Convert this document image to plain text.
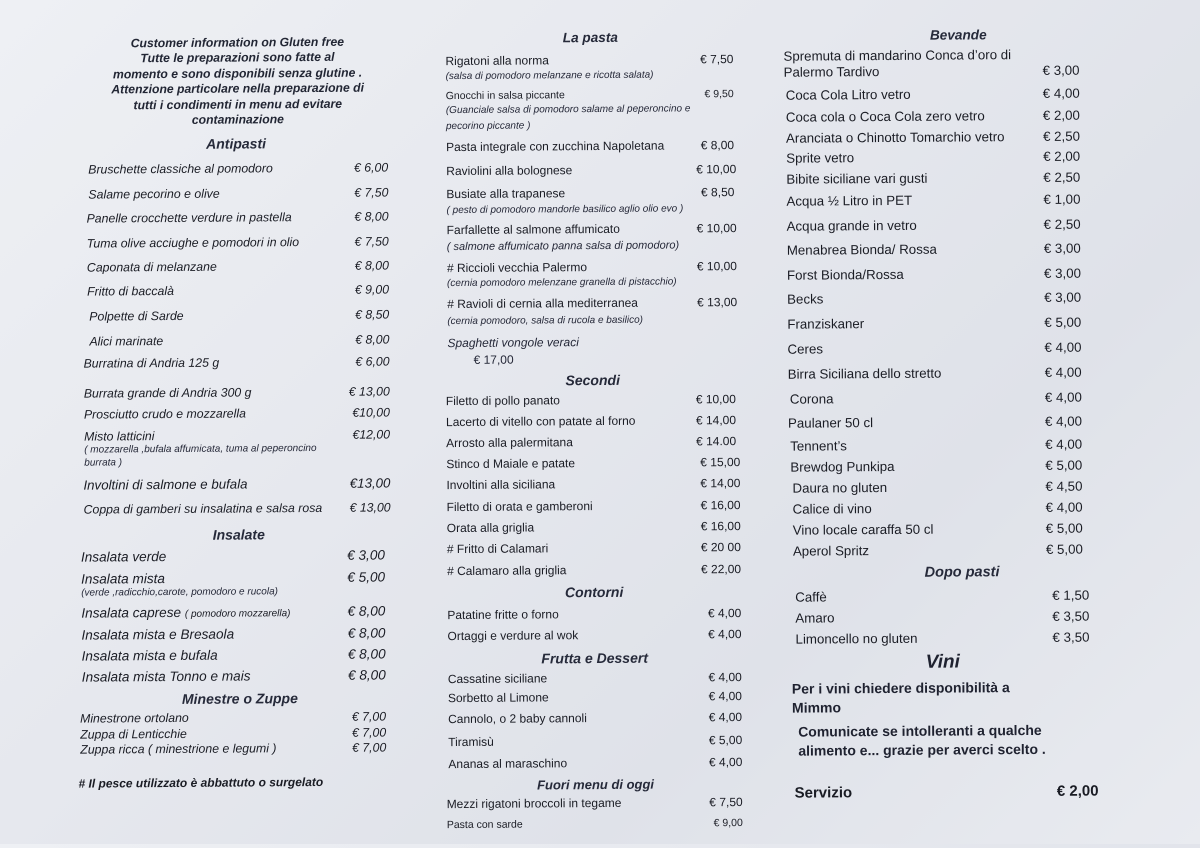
Customer information on Gluten free
Tutte le preparazioni sono fatte al
momento e sono disponibili senza glutine .
Attenzione particolare nella preparazione di
tutti i condimenti in menu ad evitare
contaminazione
Antipasti
Bruschette classiche al pomodoro	€ 6,00
Salame pecorino e olive	€ 7,50
Panelle crocchette verdure in pastella	€ 8,00
Tuma olive acciughe e pomodori in olio	€ 7,50
Caponata di melanzane	€ 8,00
Fritto di baccalà	€ 9,00
Polpette di Sarde	€ 8,50
Alici marinate	€ 8,00
Burratina di Andria 125 g	€ 6,00
Burrata grande di Andria 300 g	€ 13,00
Prosciutto crudo e mozzarella	€10,00
Misto latticini	€12,00
( mozzarella ,bufala affumicata, tuma al peperoncino
burrata )
Involtini di salmone e bufala	€13,00
Coppa di gamberi su insalatina e salsa rosa € 13,00
Insalate
Insalata verde	€ 3,00
Insalata mista	€ 5,00
(verde ,radicchio,carote, pomodoro e rucola)
Insalata caprese ( pomodoro mozzarella)	€ 8,00
Insalata mista e Bresaola	€ 8,00
Insalata mista e bufala	€ 8,00
Insalata mista Tonno e mais	€ 8,00
Minestre o Zuppe
Minestrone ortolano	€ 7,00
Zuppa di Lenticchie	€ 7,00
Zuppa ricca ( minestrione e legumi )	€ 7,00
# Il pesce utilizzato è abbattuto o surgelato
La pasta
Rigatoni alla norma	€ 7,50
(salsa di pomodoro melanzane e ricotta salata)
Gnocchi in salsa piccante	€ 9,50
(Guanciale salsa di pomodoro salame al peperoncino e
pecorino piccante )
Pasta integrale con zucchina Napoletana	€ 8,00
Raviolini alla bolognese	€ 10,00
Busiate alla trapanese	€ 8,50
( pesto di pomodoro mandorle basilico aglio olio evo )
Farfallette al salmone affumicato	€ 10,00
( salmone affumicato panna salsa di pomodoro)
# Riccioli vecchia Palermo	€ 10,00
(cernia pomodoro melenzane granella di pistacchio)
# Ravioli di cernia alla mediterranea	€ 13,00
(cernia pomodoro, salsa di rucola e basilico)
Spaghetti vongole veraci
€ 17,00
Secondi
Filetto di pollo panato	€ 10,00
Lacerto di vitello con patate al forno	€ 14,00
Arrosto alla palermitana	€ 14.00
Stinco d Maiale e patate	€ 15,00
Involtini alla siciliana	€ 14,00
Filetto di orata e gamberoni	€ 16,00
Orata alla griglia	€ 16,00
# Fritto di Calamari	€ 20 00
# Calamaro alla griglia	€ 22,00
Contorni
Patatine fritte o forno	€ 4,00
Ortaggi e verdure al wok	€ 4,00
Frutta e Dessert
Cassatine siciliane	€ 4,00
Sorbetto al Limone	€ 4,00
Cannolo, o 2 baby cannoli	€ 4,00
Tiramisù	€ 5,00
Ananas al maraschino	€ 4,00
Fuori menu di oggi
Mezzi rigatoni broccoli in tegame	€ 7,50
Pasta con sarde	€ 9,00
Bevande
Spremuta di mandarino Conca d’oro di
Palermo Tardivo	€ 3,00
Coca Cola Litro vetro	€ 4,00
Coca cola o Coca Cola zero vetro	€ 2,00
Aranciata o Chinotto Tomarchio vetro	€ 2,50
Sprite vetro	€ 2,00
Bibite siciliane vari gusti	€ 2,50
Acqua ½ Litro in PET	€ 1,00
Acqua grande in vetro	€ 2,50
Menabrea Bionda/ Rossa	€ 3,00
Forst Bionda/Rossa	€ 3,00
Becks	€ 3,00
Franziskaner	€ 5,00
Ceres	€ 4,00
Birra Siciliana dello stretto	€ 4,00
Corona	€ 4,00
Paulaner 50 cl	€ 4,00
Tennent’s	€ 4,00
Brewdog Punkipa	€ 5,00
Daura no gluten	€ 4,50
Calice di vino	€ 4,00
Vino locale caraffa 50 cl	€ 5,00
Aperol Spritz	€ 5,00
Dopo pasti
Caffè	€ 1,50
Amaro	€ 3,50
Limoncello no gluten	€ 3,50
Vini
Per i vini chiedere disponibilità a
Mimmo
Comunicate se intolleranti a qualche
alimento e... grazie per averci scelto .
Servizio	€ 2,00
